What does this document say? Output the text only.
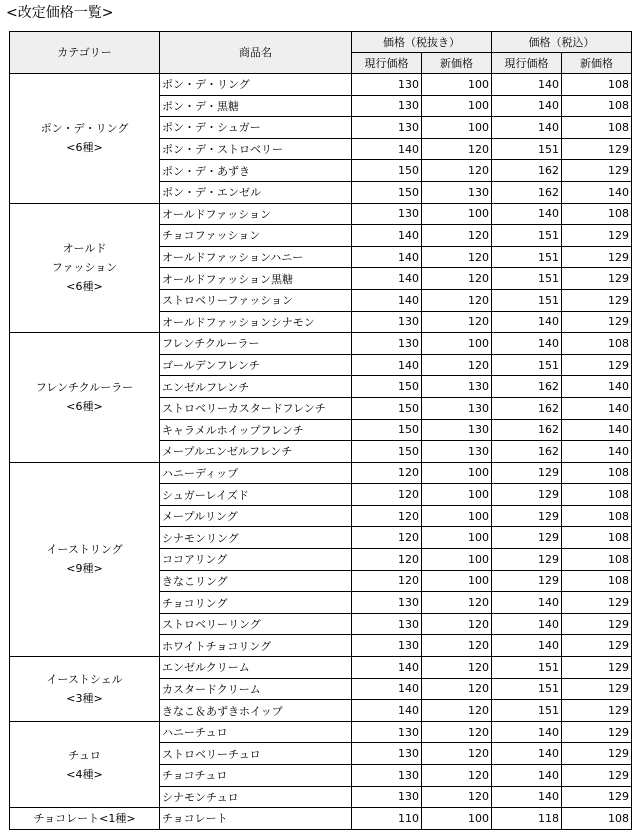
<改定価格一覧>
カテゴリー	商品名	価格（税抜き）		価格（税込）	
		現行価格	新価格	現行価格	新価格

ポン・デ・リング
<6種>	ポン・デ・リング	130	100	140	108
	ポン・デ・黒糖	130	100	140	108
	ポン・デ・シュガー	130	100	140	108
	ポン・デ・ストロベリー	140	120	151	129
	ポン・デ・あずき	150	120	162	129
	ポン・デ・エンゼル	150	130	162	140

オールド
ファッション
<6種>	オールドファッション	130	100	140	108
	チョコファッション	140	120	151	129
	オールドファッションハニー	140	120	151	129
	オールドファッション黒糖	140	120	151	129
	ストロベリーファッション	140	120	151	129
	オールドファッションシナモン	130	120	140	129

フレンチクルーラー
<6種>	フレンチクルーラー	130	100	140	108
	ゴールデンフレンチ	140	120	151	129
	エンゼルフレンチ	150	130	162	140
	ストロベリーカスタードフレンチ	150	130	162	140
	キャラメルホイップフレンチ	150	130	162	140
	メープルエンゼルフレンチ	150	130	162	140

イーストリング
<9種>	ハニーディップ	120	100	129	108
	シュガーレイズド	120	100	129	108
	メープルリング	120	100	129	108
	シナモンリング	120	100	129	108
	ココアリング	120	100	129	108
	きなこリング	120	100	129	108
	チョコリング	130	120	140	129
	ストロベリーリング	130	120	140	129
	ホワイトチョコリング	130	120	140	129

イーストシェル
<3種>	エンゼルクリーム	140	120	151	129
	カスタードクリーム	140	120	151	129
	きなこ＆あずきホイップ	140	120	151	129

チュロ
<4種>	ハニーチュロ	130	120	140	129
	ストロベリーチュロ	130	120	140	129
	チョコチュロ	130	120	140	129
	シナモンチュロ	130	120	140	129

チョコレート<1種>	チョコレート	110	100	118	108
